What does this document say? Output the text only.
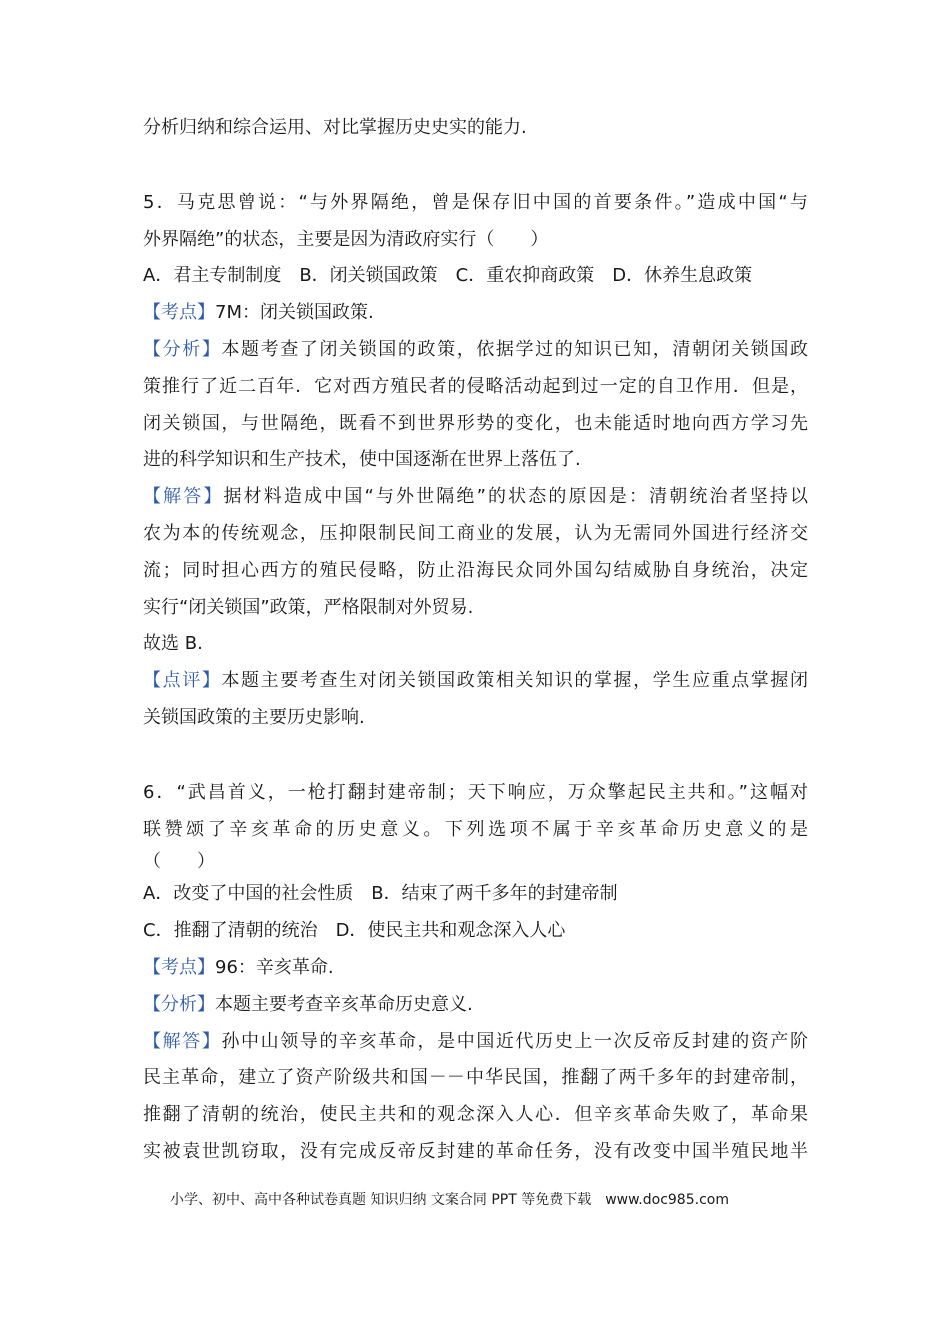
分析归纳和综合运用、对比掌握历史史实的能力.
5．马克思曾说：“与外界隔绝，曾是保存旧中国的首要条件。”造成中国“与
外界隔绝”的状态，主要是因为清政府实行（　　）
A．君主专制制度　B．闭关锁国政策　C．重农抑商政策　D．休养生息政策
【考点】7M：闭关锁国政策.
【分析】本题考查了闭关锁国的政策，依据学过的知识已知，清朝闭关锁国政
策推行了近二百年．它对西方殖民者的侵略活动起到过一定的自卫作用．但是，
闭关锁国，与世隔绝，既看不到世界形势的变化，也未能适时地向西方学习先
进的科学知识和生产技术，使中国逐渐在世界上落伍了.
【解答】据材料造成中国“与外世隔绝”的状态的原因是：清朝统治者坚持以
农为本的传统观念，压抑限制民间工商业的发展，认为无需同外国进行经济交
流；同时担心西方的殖民侵略，防止沿海民众同外国勾结威胁自身统治，决定
实行“闭关锁国”政策，严格限制对外贸易.
故选 B.
【点评】本题主要考查生对闭关锁国政策相关知识的掌握，学生应重点掌握闭
关锁国政策的主要历史影响.
6．“武昌首义，一枪打翻封建帝制；天下响应，万众擎起民主共和。”这幅对
联赞颂了辛亥革命的历史意义。下列选项不属于辛亥革命历史意义的是
（　　）
A．改变了中国的社会性质　B．结束了两千多年的封建帝制
C．推翻了清朝的统治　D．使民主共和观念深入人心
【考点】96：辛亥革命.
【分析】本题主要考查辛亥革命历史意义.
【解答】孙中山领导的辛亥革命，是中国近代历史上一次反帝反封建的资产阶
民主革命，建立了资产阶级共和国－－中华民国，推翻了两千多年的封建帝制，
推翻了清朝的统治，使民主共和的观念深入人心．但辛亥革命失败了，革命果
实被袁世凯窃取，没有完成反帝反封建的革命任务，没有改变中国半殖民地半
小学、初中、高中各种试卷真题 知识归纳 文案合同 PPT 等免费下载　www.doc985.com
